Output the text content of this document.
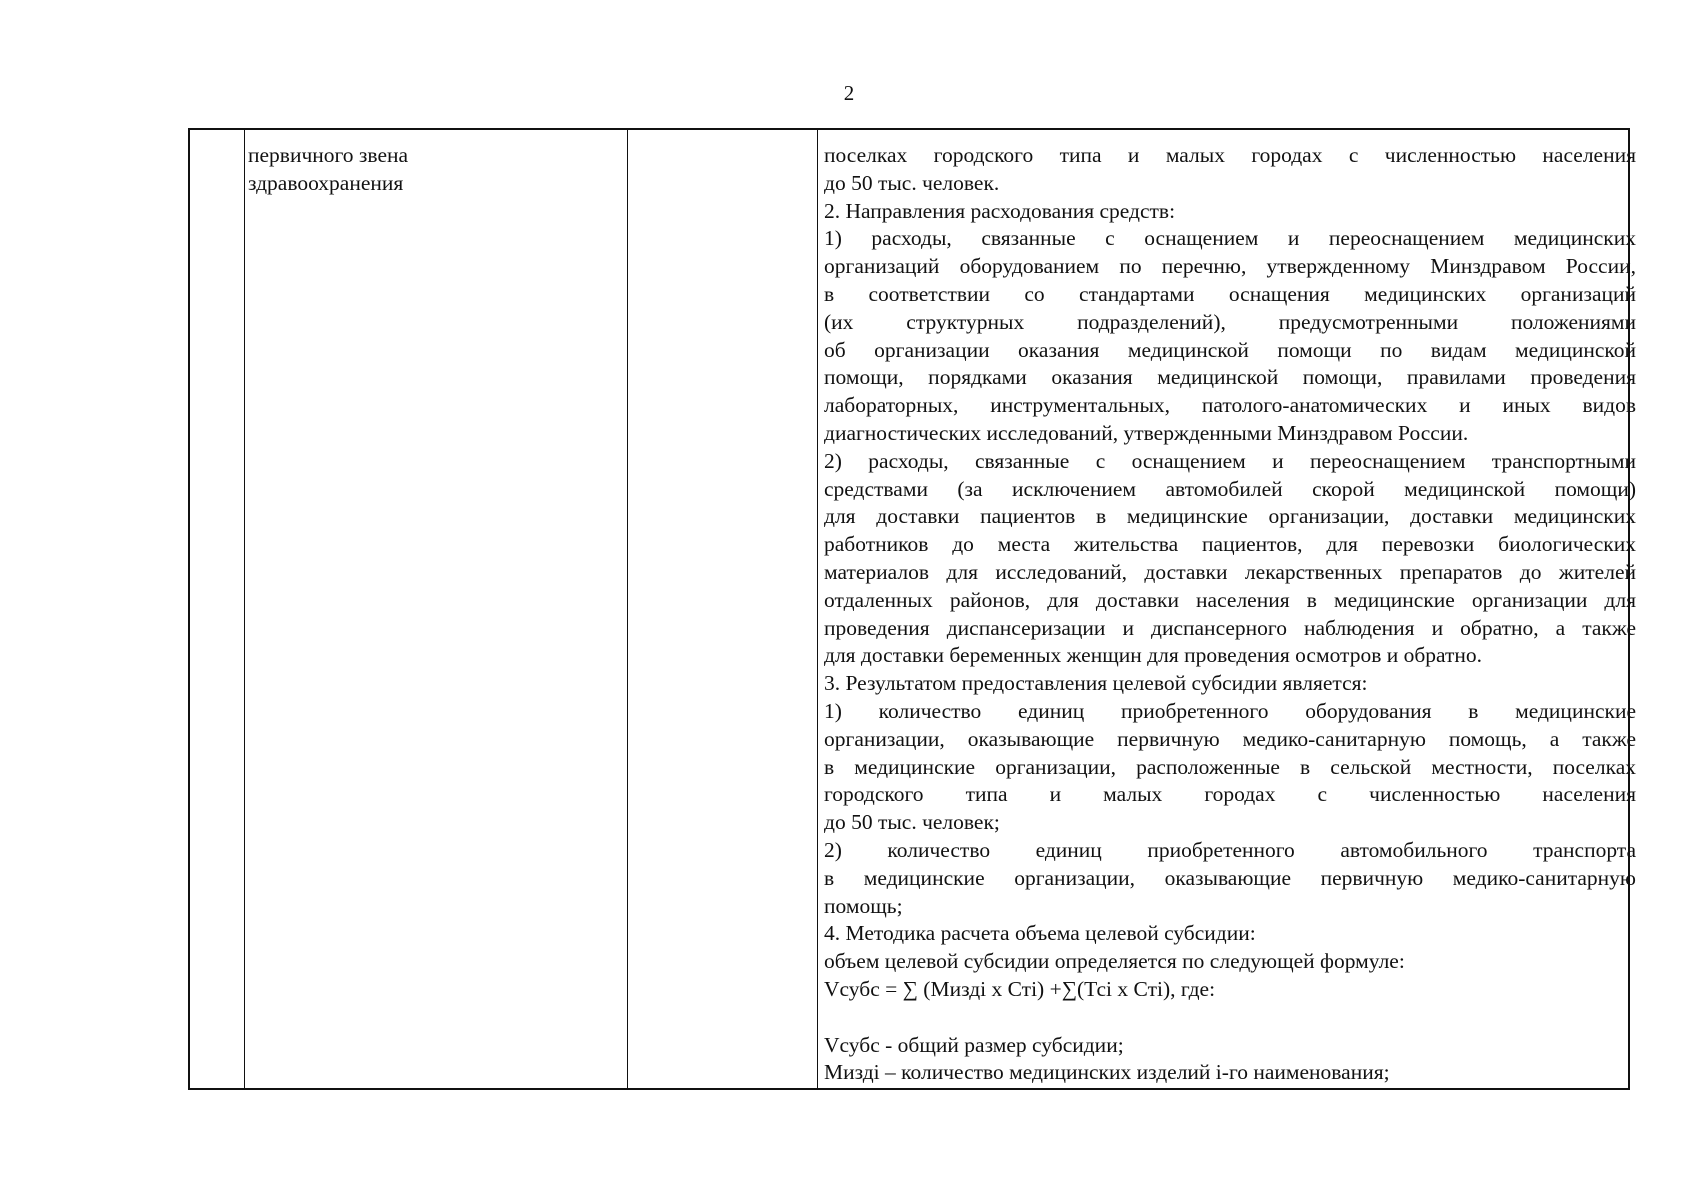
2
первичного звена
здравоохранения
поселках городского типа и малых городах с численностью населения
до 50 тыс. человек.
2. Направления расходования средств:
1) расходы, связанные с оснащением и переоснащением медицинских
организаций оборудованием по перечню, утвержденному Минздравом России,
в соответствии со стандартами оснащения медицинских организаций
(их структурных подразделений), предусмотренными положениями
об организации оказания медицинской помощи по видам медицинской
помощи, порядками оказания медицинской помощи, правилами проведения
лабораторных, инструментальных, патолого-анатомических и иных видов
диагностических исследований, утвержденными Минздравом России.
2) расходы, связанные с оснащением и переоснащением транспортными
средствами (за исключением автомобилей скорой медицинской помощи)
для доставки пациентов в медицинские организации, доставки медицинских
работников до места жительства пациентов, для перевозки биологических
материалов для исследований, доставки лекарственных препаратов до жителей
отдаленных районов, для доставки населения в медицинские организации для
проведения диспансеризации и диспансерного наблюдения и обратно, а также
для доставки беременных женщин для проведения осмотров и обратно.
3. Результатом предоставления целевой субсидии является:
1) количество единиц приобретенного оборудования в медицинские
организации, оказывающие первичную медико-санитарную помощь, а также
в медицинские организации, расположенные в сельской местности, поселках
городского типа и малых городах с численностью населения
до 50 тыс. человек;
2) количество единиц приобретенного автомобильного транспорта
в медицинские организации, оказывающие первичную медико-санитарную
помощь;
4. Методика расчета объема целевой субсидии:
объем целевой субсидии определяется по следующей формуле:
Vсубс = ∑ (Мизді х Сті) +∑(Тсі х Сті), где:
Vсубс - общий размер субсидии;
Мизді – количество медицинских изделий і-го наименования;
